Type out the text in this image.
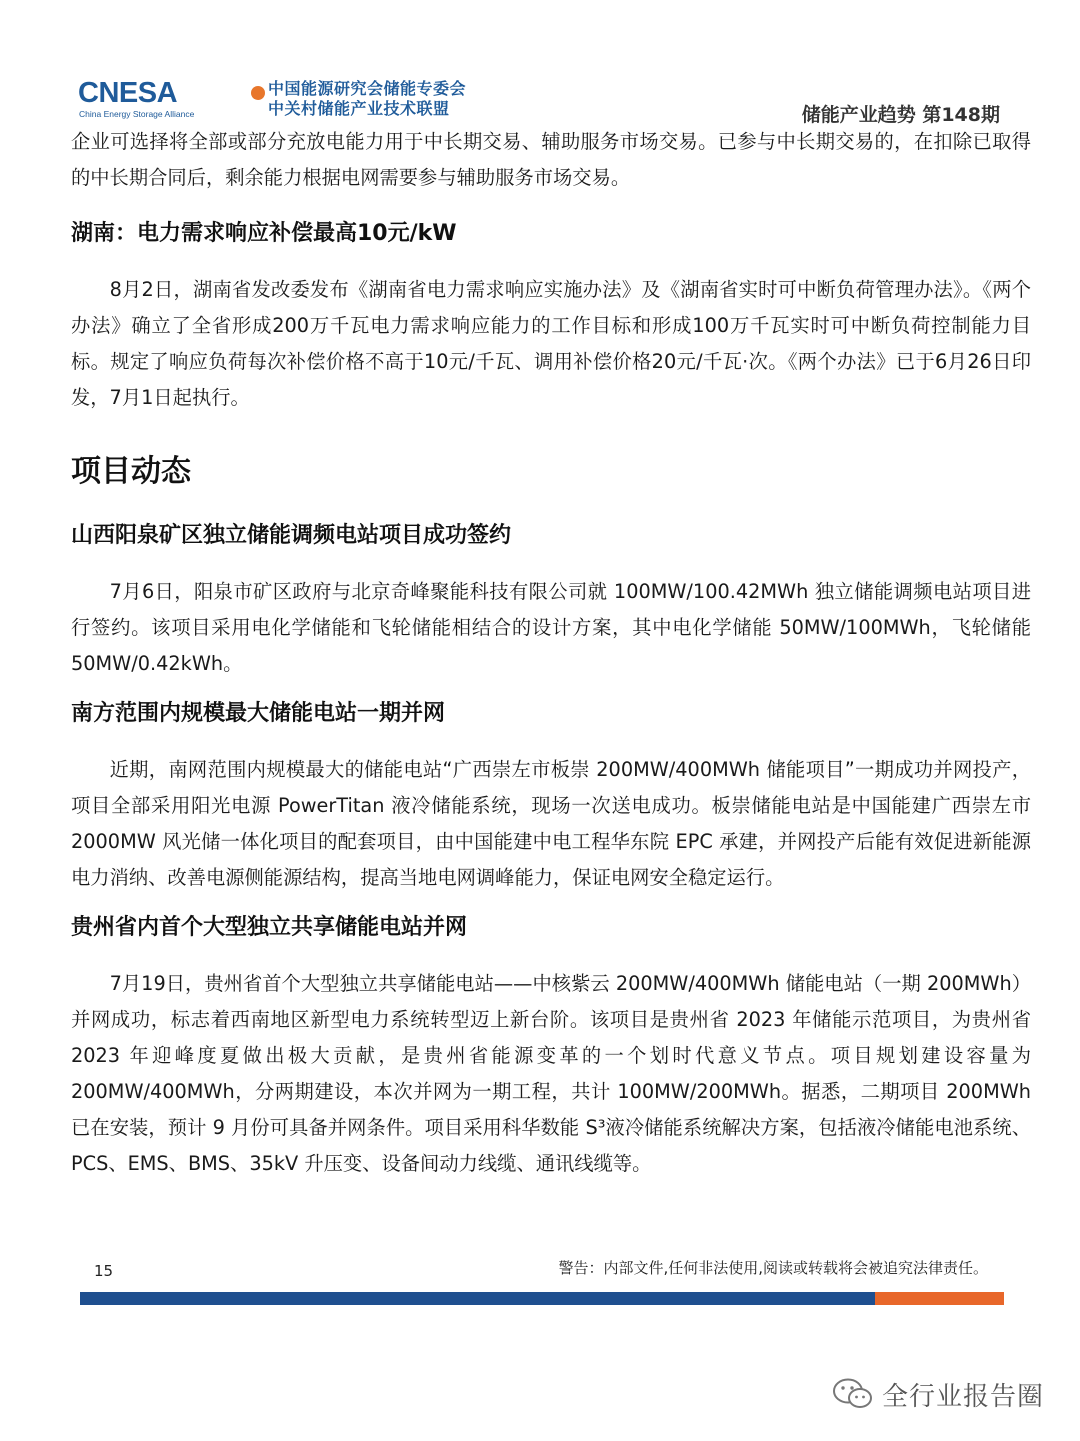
CNESA
China Energy Storage Alliance
中国能源研究会储能专委会
中关村储能产业技术联盟	储能产业趋势 第148期

企业可选择将全部或部分充放电能力用于中长期交易、辅助服务市场交易。已参与中长期交易的，在扣除已取得的中长期合同后，剩余能力根据电网需要参与辅助服务市场交易。

湖南：电力需求响应补偿最高10元/kW

8月2日，湖南省发改委发布《湖南省电力需求响应实施办法》及《湖南省实时可中断负荷管理办法》。《两个办法》确立了全省形成200万千瓦电力需求响应能力的工作目标和形成100万千瓦实时可中断负荷控制能力目标。规定了响应负荷每次补偿价格不高于10元/千瓦、调用补偿价格20元/千瓦·次。《两个办法》已于6月26日印发，7月1日起执行。

项目动态
山西阳泉矿区独立储能调频电站项目成功签约

7月6日，阳泉市矿区政府与北京奇峰聚能科技有限公司就 100MW/100.42MWh 独立储能调频电站项目进行签约。该项目采用电化学储能和飞轮储能相结合的设计方案，其中电化学储能 50MW/100MWh，飞轮储能 50MW/0.42kWh。

南方范围内规模最大储能电站一期并网

近期，南网范围内规模最大的储能电站“广西崇左市板崇 200MW/400MWh 储能项目”一期成功并网投产，项目全部采用阳光电源 PowerTitan 液冷储能系统，现场一次送电成功。板崇储能电站是中国能建广西崇左市 2000MW 风光储一体化项目的配套项目，由中国能建中电工程华东院 EPC 承建，并网投产后能有效促进新能源电力消纳、改善电源侧能源结构，提高当地电网调峰能力，保证电网安全稳定运行。

贵州省内首个大型独立共享储能电站并网

7月19日，贵州省首个大型独立共享储能电站——中核紫云 200MW/400MWh 储能电站（一期 200MWh）并网成功，标志着西南地区新型电力系统转型迈上新台阶。该项目是贵州省 2023 年储能示范项目，为贵州省 2023 年迎峰度夏做出极大贡献，是贵州省能源变革的一个划时代意义节点。项目规划建设容量为 200MW/400MWh，分两期建设，本次并网为一期工程，共计 100MW/200MWh。据悉，二期项目 200MWh 已在安装，预计 9 月份可具备并网条件。项目采用科华数能 S³液冷储能系统解决方案，包括液冷储能电池系统、PCS、EMS、BMS、35kV 升压变、设备间动力线缆、通讯线缆等。

15	警告：内部文件,任何非法使用,阅读或转载将会被追究法律责任。
全行业报告圈
